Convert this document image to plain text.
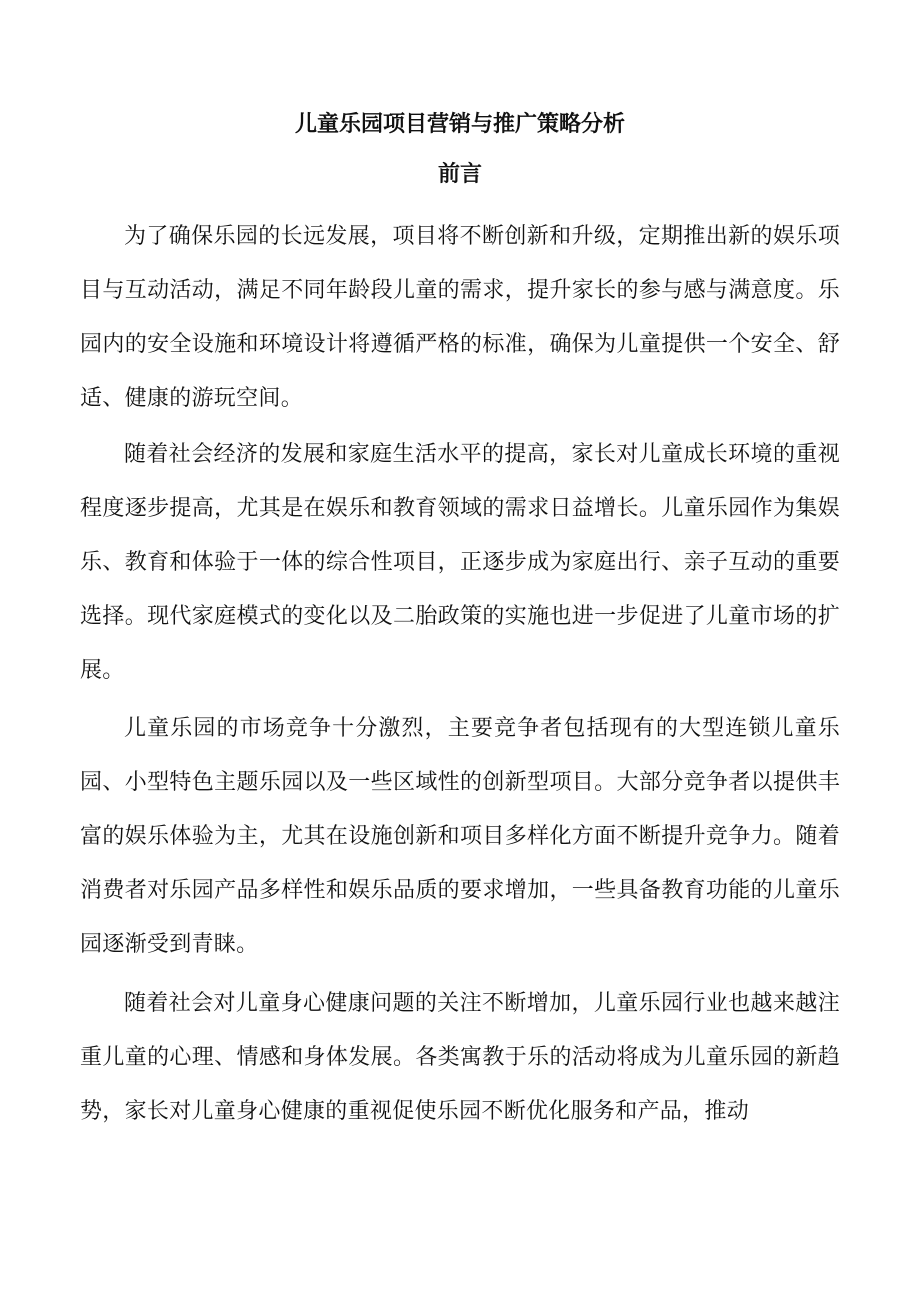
儿童乐园项目营销与推广策略分析
前言

为了确保乐园的长远发展，项目将不断创新和升级，定期推出新的娱乐项目与互动活动，满足不同年龄段儿童的需求，提升家长的参与感与满意度。乐园内的安全设施和环境设计将遵循严格的标准，确保为儿童提供一个安全、舒适、健康的游玩空间。

随着社会经济的发展和家庭生活水平的提高，家长对儿童成长环境的重视程度逐步提高，尤其是在娱乐和教育领域的需求日益增长。儿童乐园作为集娱乐、教育和体验于一体的综合性项目，正逐步成为家庭出行、亲子互动的重要选择。现代家庭模式的变化以及二胎政策的实施也进一步促进了儿童市场的扩展。

儿童乐园的市场竞争十分激烈，主要竞争者包括现有的大型连锁儿童乐园、小型特色主题乐园以及一些区域性的创新型项目。大部分竞争者以提供丰富的娱乐体验为主，尤其在设施创新和项目多样化方面不断提升竞争力。随着消费者对乐园产品多样性和娱乐品质的要求增加，一些具备教育功能的儿童乐园逐渐受到青睐。

随着社会对儿童身心健康问题的关注不断增加，儿童乐园行业也越来越注重儿童的心理、情感和身体发展。各类寓教于乐的活动将成为儿童乐园的新趋势，家长对儿童身心健康的重视促使乐园不断优化服务和产品，推动
